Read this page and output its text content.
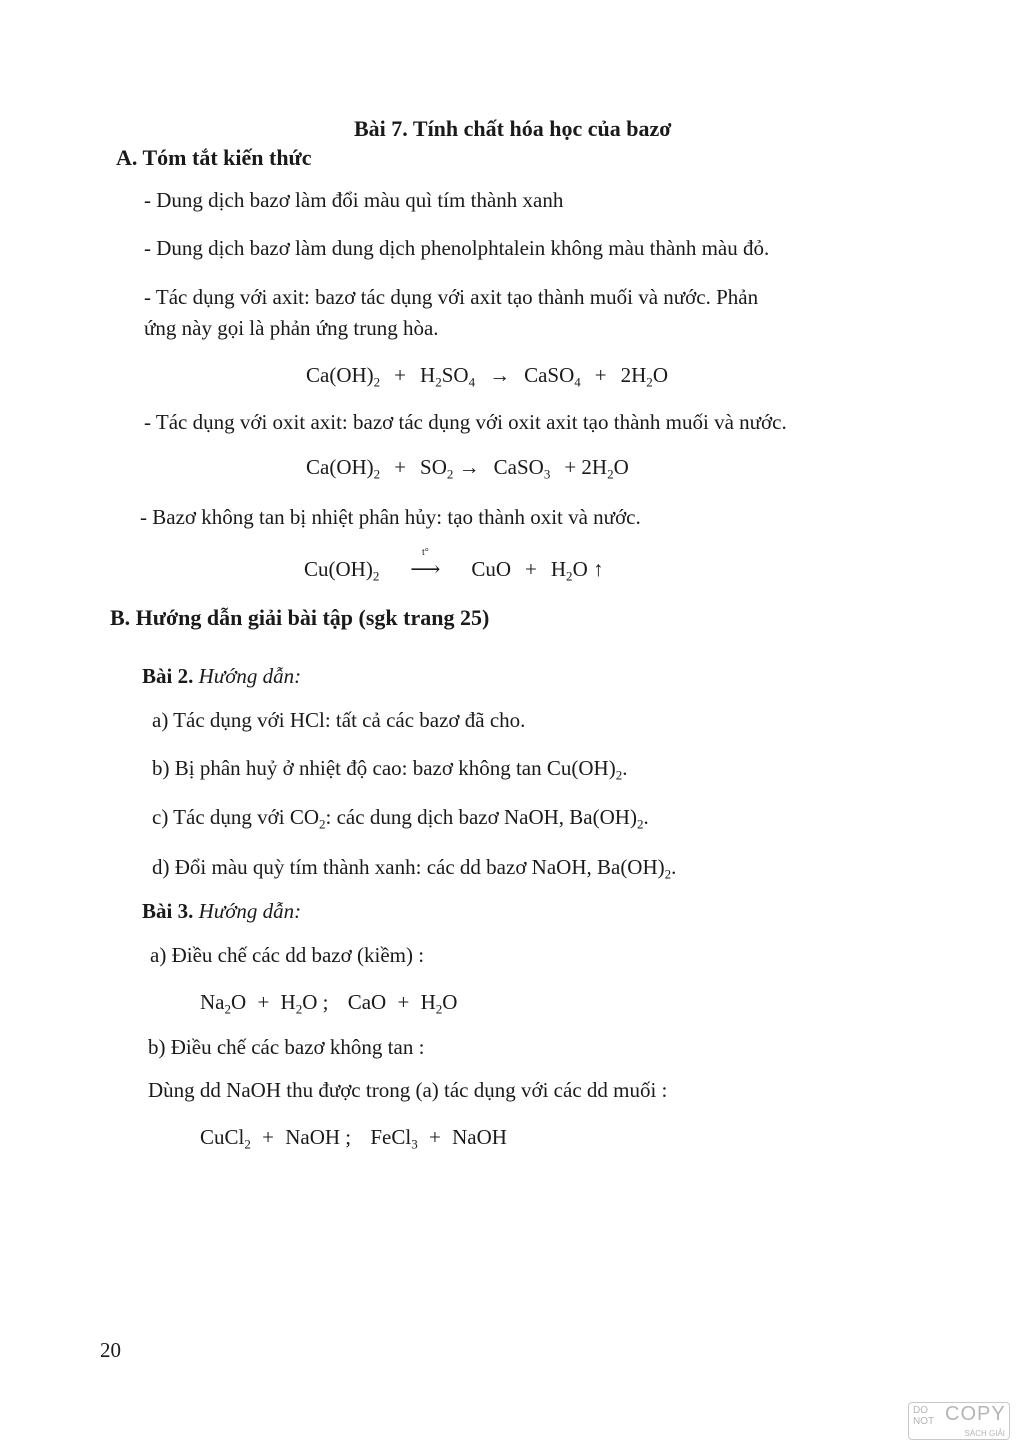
Bài 7. Tính chất hóa học của bazơ
A. Tóm tắt kiến thức
- Dung dịch bazơ làm đổi màu quì tím thành xanh
- Dung dịch bazơ làm dung dịch phenolphtalein không màu thành màu đỏ.
- Tác dụng với axit: bazơ tác dụng với axit tạo thành muối và nước. Phản
ứng này gọi là phản ứng trung hòa.
$Ca(OH)_2 + H_2SO_4$ → CaSO$_4$ + $2H_2O$
- Tác dụng với oxit axit: bazơ tác dụng với oxit axit tạo thành muối và nước.
$Ca(OH)_2 + SO_2$ → CaSO$_3$ + $2H_2O$
- Bazơ không tan bị nhiệt phân hủy: tạo thành oxit và nước.
$Cu(OH)_2$
t°
⟶ CuO + $H_2O$ ↑
B. Hướng dẫn giải bài tập (sgk trang 25)
Bài 2. Hướng dẫn:
a) Tác dụng với HCl: tất cả các bazơ đã cho.
b) Bị phân huỷ ở nhiệt độ cao: bazơ không $\tan Cu(OH)_2$.
c) Tác dụng với $CO_2$: các dung dịch bazơ NaOH, $Ba(OH)_2$.
d) Đổi màu quỳ tím thành xanh: các dd bazơ NaOH, $Ba(OH)_2$.
Bài 3. Hướng dẫn:
a) Điều chế các dd bazơ (kiềm) :
$Na_2O + H_2O$ ; CaO + $H_2O$
b) Điều chế các bazơ không tan :
Dùng dd NaOH thu được trong (a) tác dụng với các dd muối :
CuCl$_2$ + NaOH ; FeCl$_3$ + NaOH
20
DO
NOT COPY
SÁCH GIẢI
